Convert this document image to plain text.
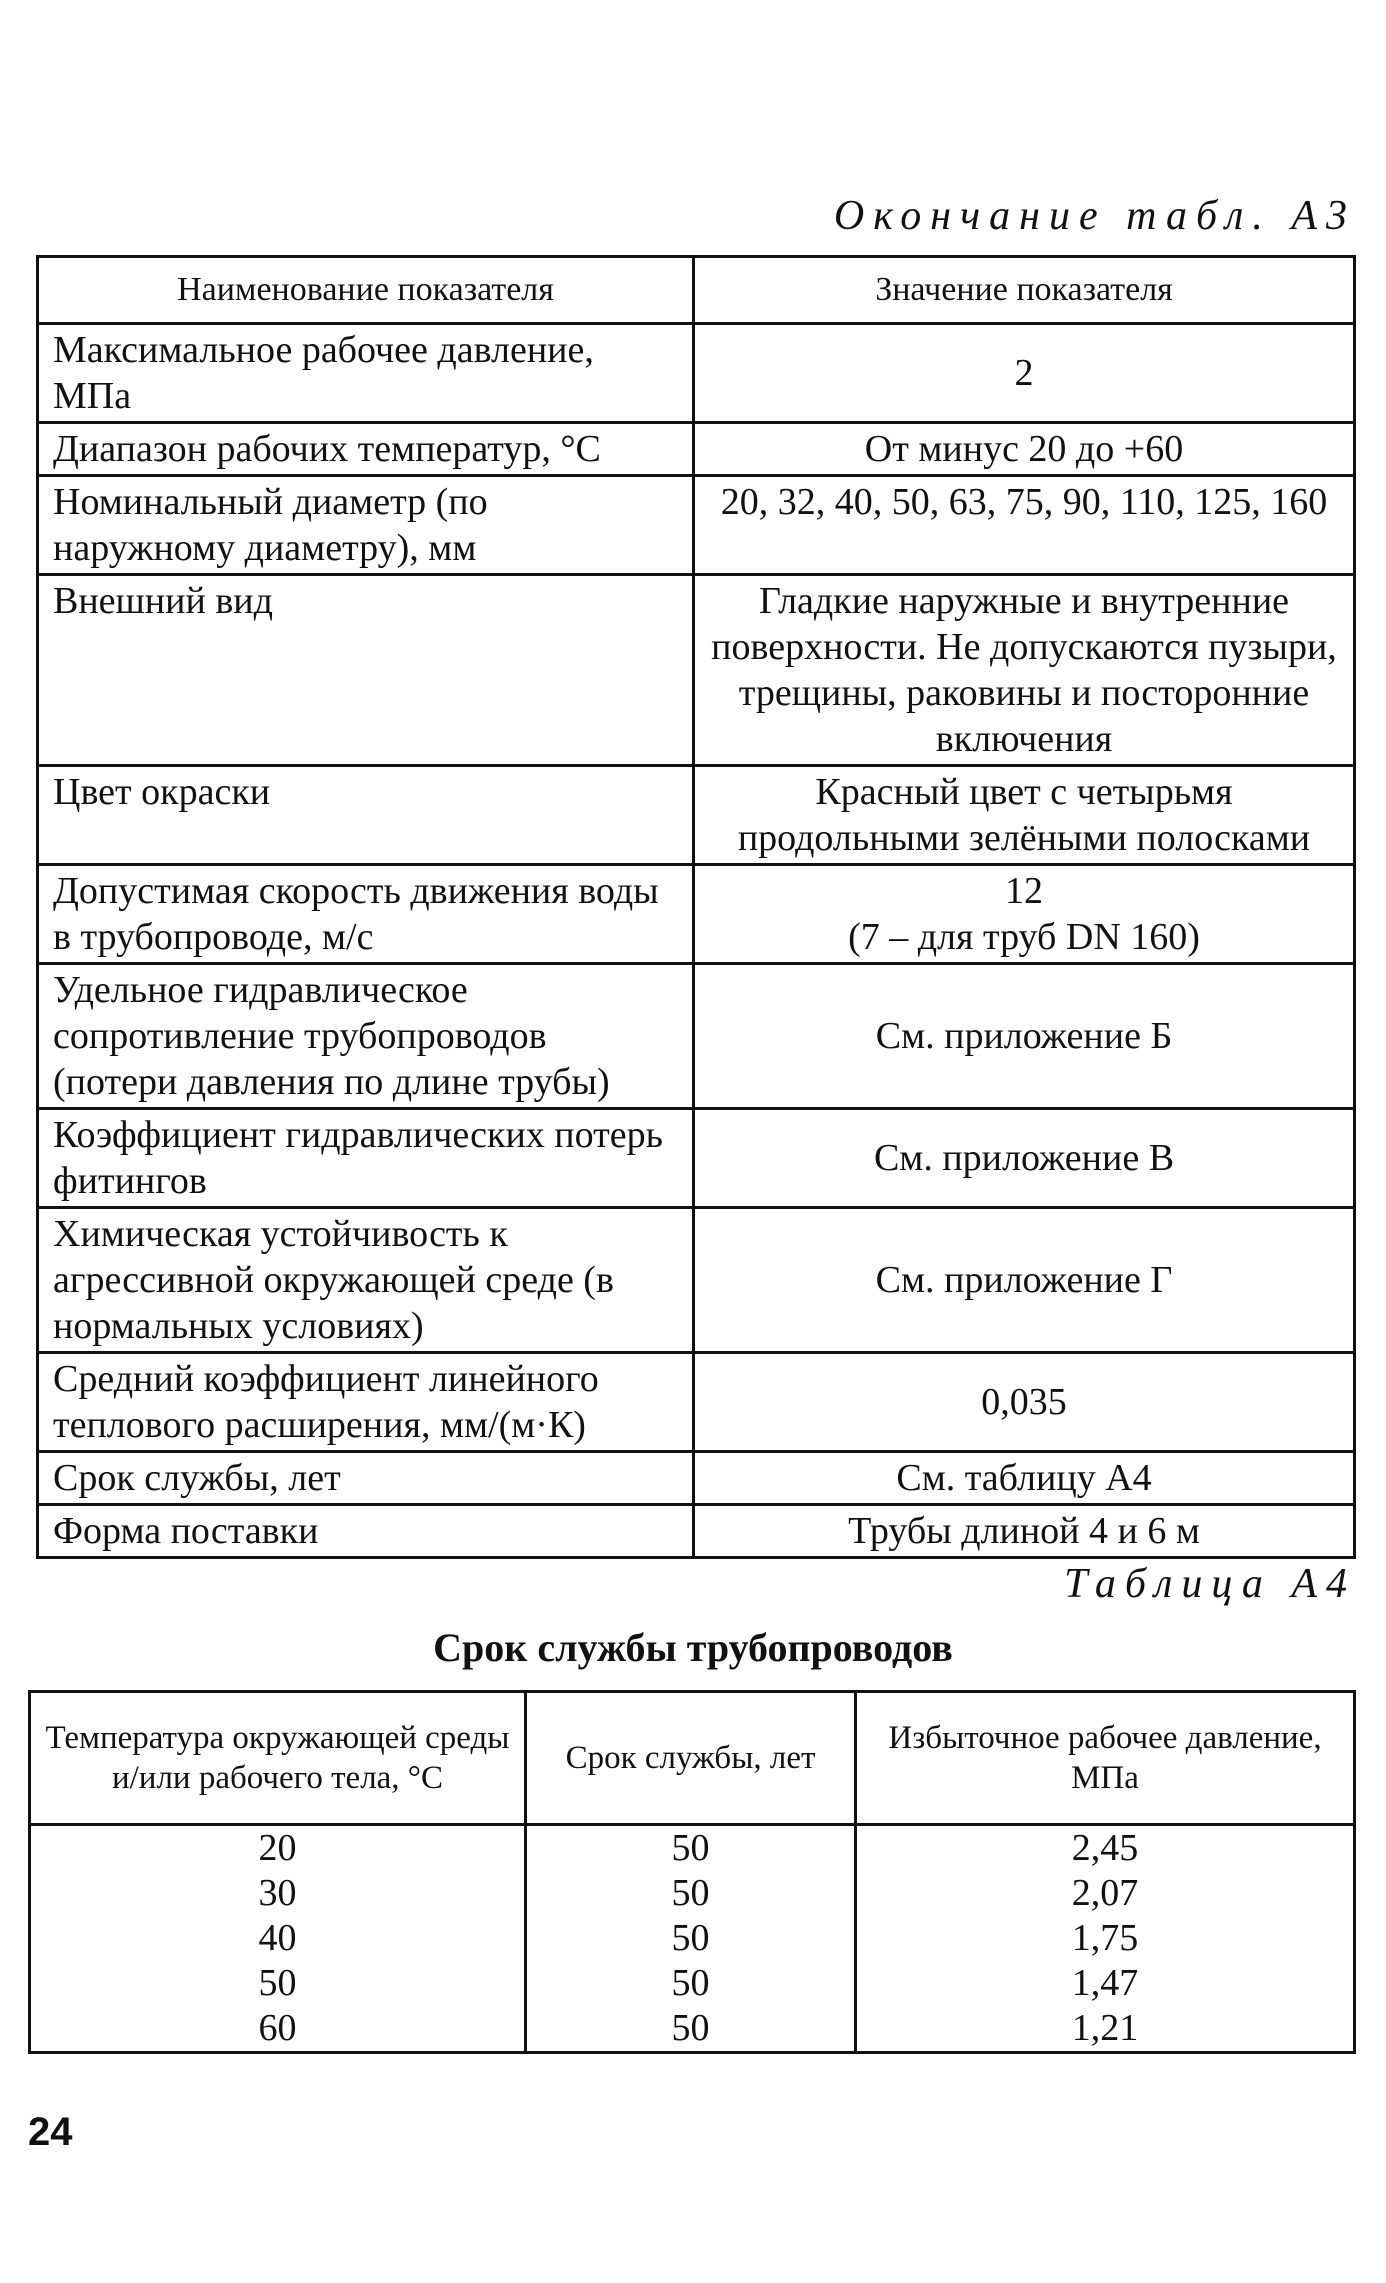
Окончание табл. А3
Наименование показателя	Значение показателя
Максимальное рабочее давление, МПа	2
Диапазон рабочих температур, °С	От минус 20 до +60
Номинальный диаметр (по наружному диаметру), мм	20, 32, 40, 50, 63, 75, 90, 110, 125, 160
Внешний вид	Гладкие наружные и внутренние поверхности. Не допускаются пузыри, трещины, раковины и посторонние включения
Цвет окраски	Красный цвет с четырьмя продольными зелёными полосками
Допустимая скорость движения воды в трубопроводе, м/с	12
(7 – для труб DN 160)

Удельное гидравлическое сопротивление трубопроводов (потери давления по длине трубы)	См. приложение Б
Коэффициент гидравлических потерь фитингов	См. приложение В
Химическая устойчивость к агрессивной окружающей среде (в нормальных условиях)	См. приложение Г
Средний коэффициент линейного теплового расширения, мм/(м·К)	0,035
Срок службы, лет	См. таблицу А4
Форма поставки	Трубы длиной 4 и 6 м
Таблица А4
Срок службы трубопроводов
Температура окружающей среды и/или рабочего тела, °С	Срок службы, лет	Избыточное рабочее давление, МПа
20	50	2,45
30	50	2,07
40	50	1,75
50	50	1,47
60	50	1,21
24
